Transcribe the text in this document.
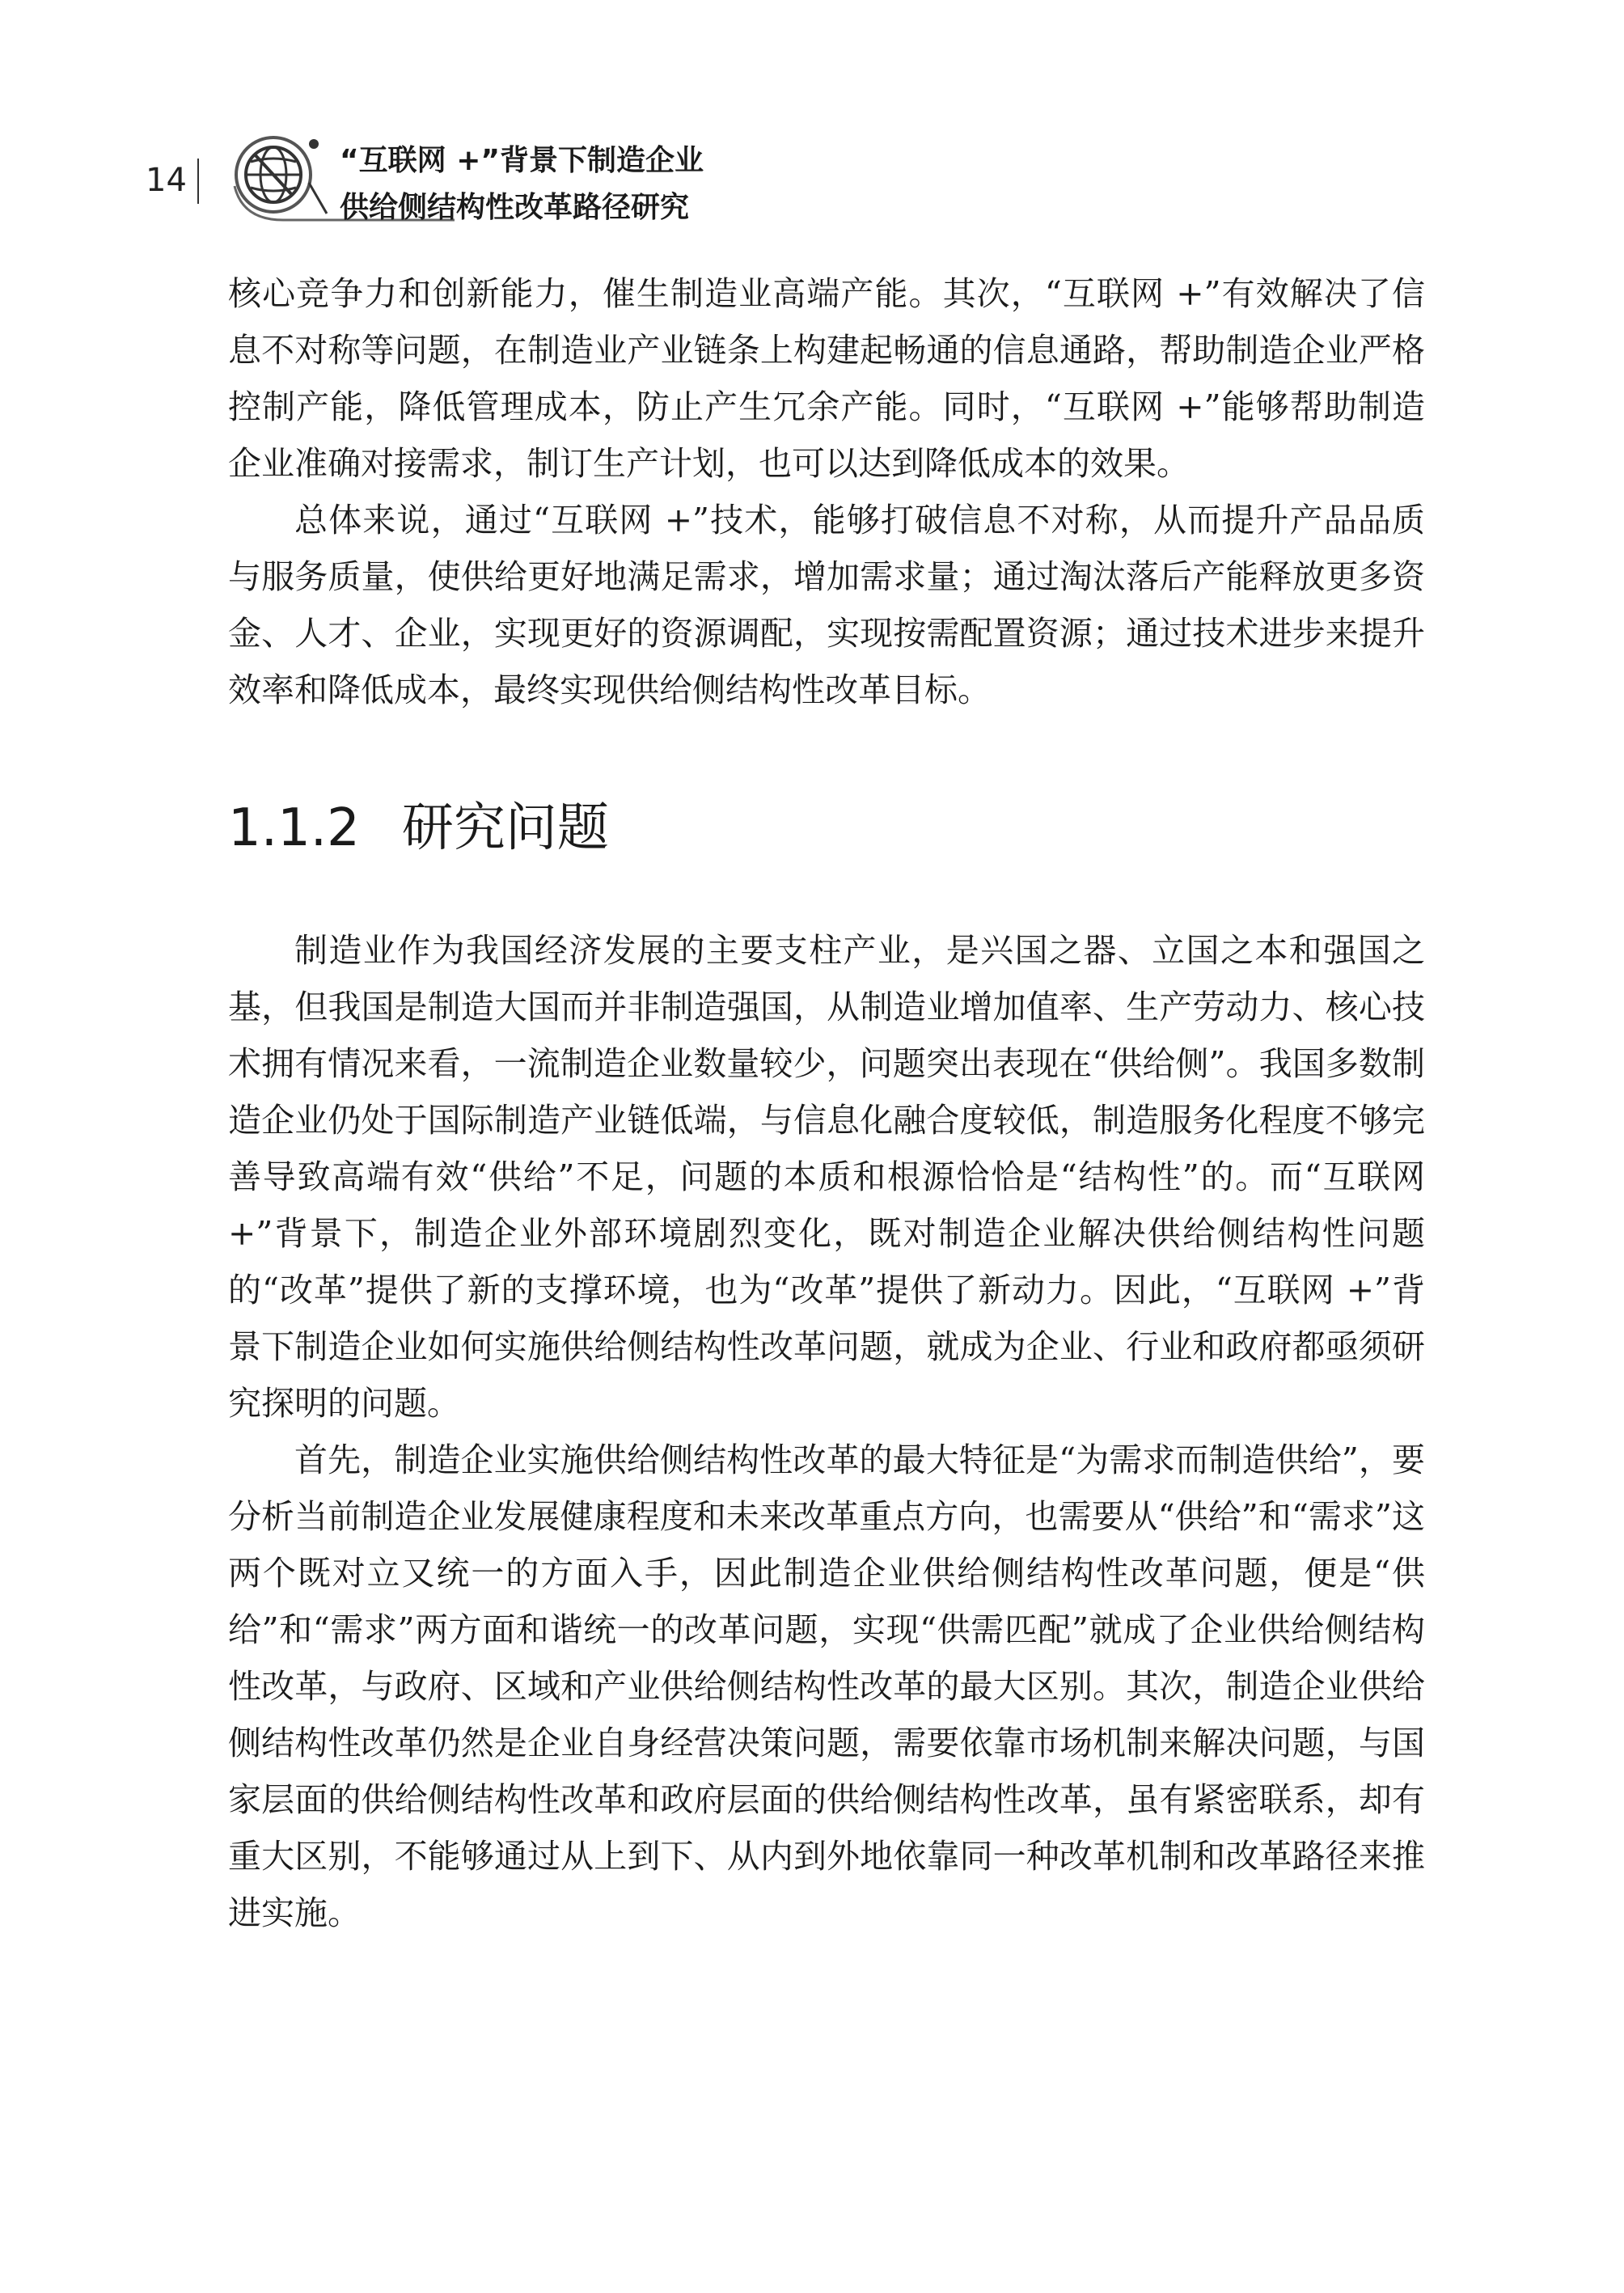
14
“互联网 +”背景下制造企业
供给侧结构性改革路径研究

核心竞争力和创新能力，催生制造业高端产能。其次，“互联网 +”有效解决了信息不对称等问题，在制造业产业链条上构建起畅通的信息通路，帮助制造企业严格控制产能，降低管理成本，防止产生冗余产能。同时，“互联网 +”能够帮助制造企业准确对接需求，制订生产计划，也可以达到降低成本的效果。

总体来说，通过“互联网 +”技术，能够打破信息不对称，从而提升产品品质与服务质量，使供给更好地满足需求，增加需求量；通过淘汰落后产能释放更多资金、人才、企业，实现更好的资源调配，实现按需配置资源；通过技术进步来提升效率和降低成本，最终实现供给侧结构性改革目标。

1.1.2 研究问题

制造业作为我国经济发展的主要支柱产业，是兴国之器、立国之本和强国之基，但我国是制造大国而并非制造强国，从制造业增加值率、生产劳动力、核心技术拥有情况来看，一流制造企业数量较少，问题突出表现在“供给侧”。我国多数制造企业仍处于国际制造产业链低端，与信息化融合度较低，制造服务化程度不够完善导致高端有效“供给”不足，问题的本质和根源恰恰是“结构性”的。而“互联网 +”背景下，制造企业外部环境剧烈变化，既对制造企业解决供给侧结构性问题的“改革”提供了新的支撑环境，也为“改革”提供了新动力。因此，“互联网 +”背景下制造企业如何实施供给侧结构性改革问题，就成为企业、行业和政府都亟须研究探明的问题。

首先，制造企业实施供给侧结构性改革的最大特征是“为需求而制造供给”，要分析当前制造企业发展健康程度和未来改革重点方向，也需要从“供给”和“需求”这两个既对立又统一的方面入手，因此制造企业供给侧结构性改革问题，便是“供给”和“需求”两方面和谐统一的改革问题，实现“供需匹配”就成了企业供给侧结构性改革，与政府、区域和产业供给侧结构性改革的最大区别。其次，制造企业供给侧结构性改革仍然是企业自身经营决策问题，需要依靠市场机制来解决问题，与国家层面的供给侧结构性改革和政府层面的供给侧结构性改革，虽有紧密联系，却有重大区别，不能够通过从上到下、从内到外地依靠同一种改革机制和改革路径来推进实施。
